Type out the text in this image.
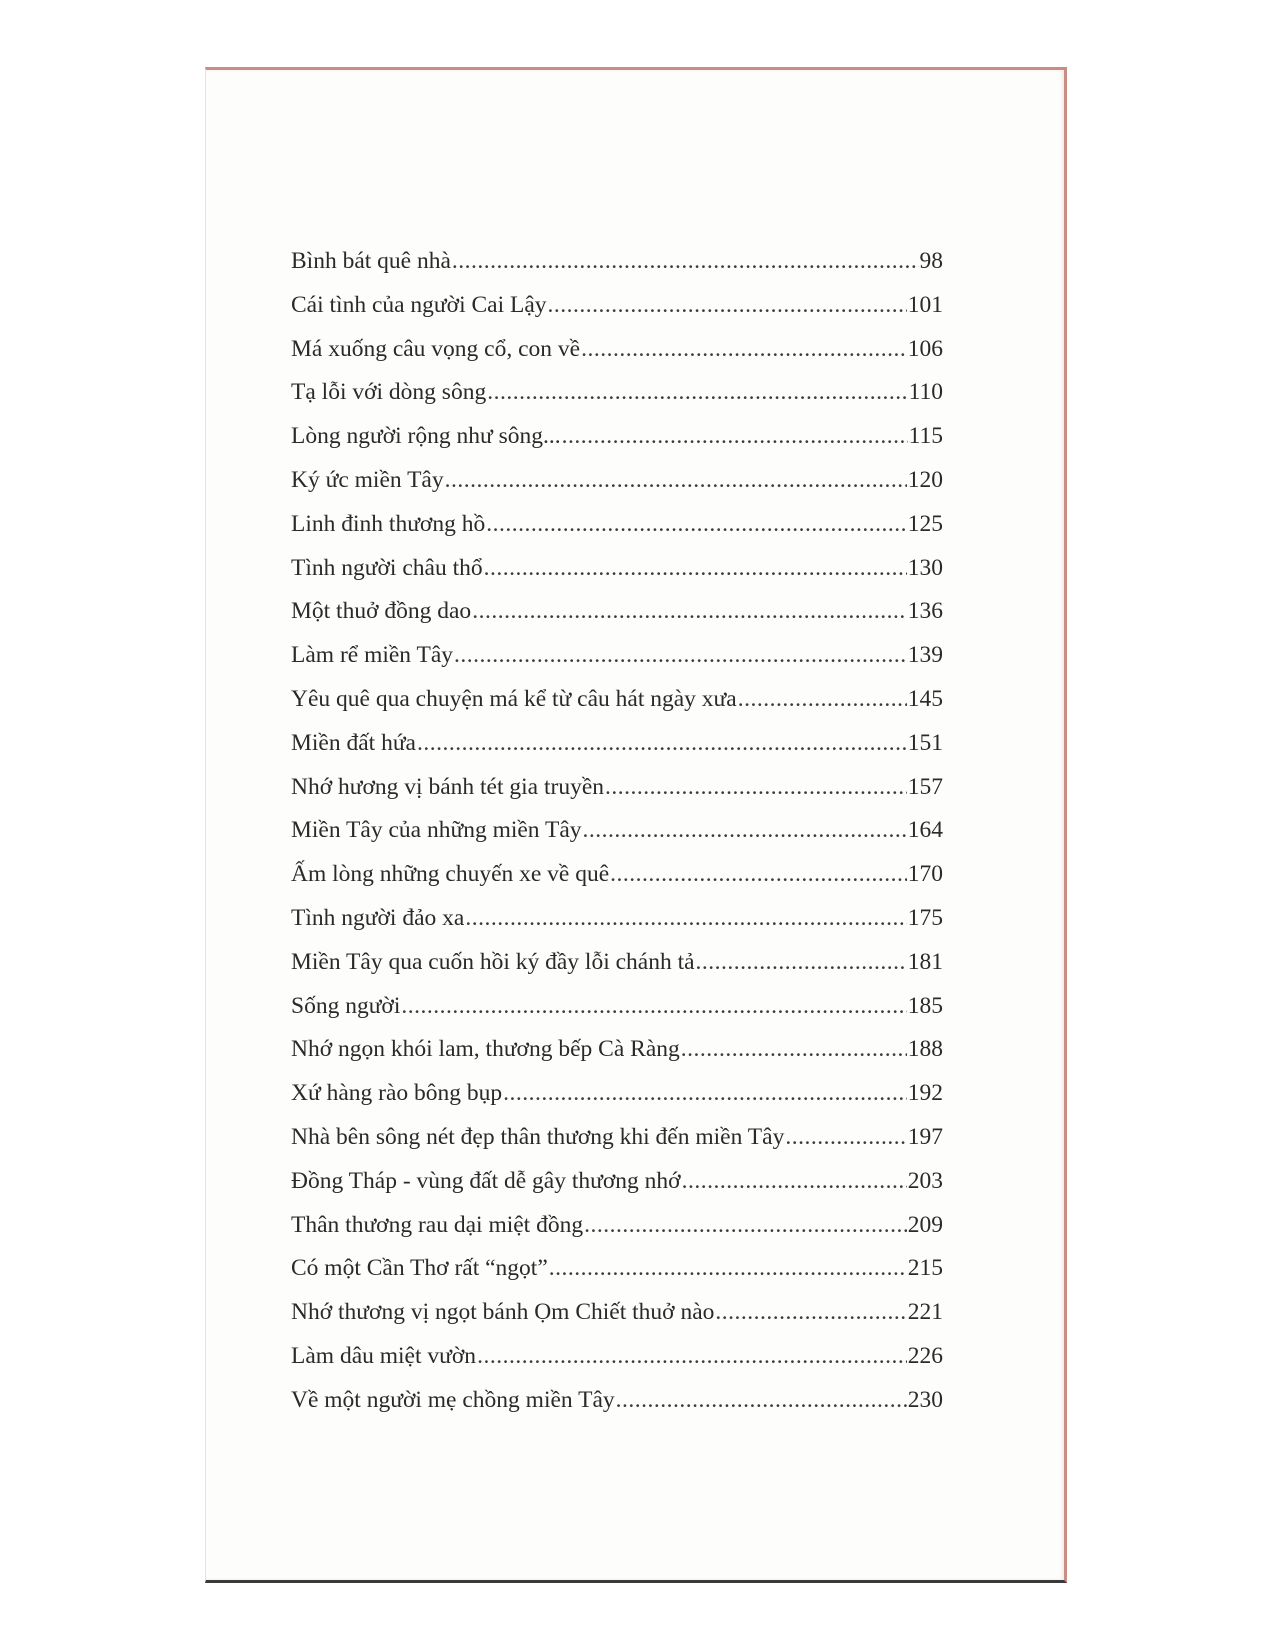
Bình bát quê nhà .....	98
Cái tình của người Cai Lậy .....	101
Má xuống câu vọng cổ, con về .....	106
Tạ lỗi với dòng sông .....	110
Lòng người rộng như sông... .....	115
Ký ức miền Tây .....	120
Linh đinh thương hồ .....	125
Tình người châu thổ .....	130
Một thuở đồng dao .....	136
Làm rể miền Tây .....	139
Yêu quê qua chuyện má kể từ câu hát ngày xưa .....	145
Miền đất hứa .....	151
Nhớ hương vị bánh tét gia truyền .....	157
Miền Tây của những miền Tây .....	164
Ấm lòng những chuyến xe về quê .....	170
Tình người đảo xa .....	175
Miền Tây qua cuốn hồi ký đầy lỗi chánh tả .....	181
Sống người .....	185
Nhớ ngọn khói lam, thương bếp Cà Ràng .....	188
Xứ hàng rào bông bụp .....	192
Nhà bên sông nét đẹp thân thương khi đến miền Tây .....	197
Đồng Tháp - vùng đất dễ gây thương nhớ .....	203
Thân thương rau dại miệt đồng .....	209
Có một Cần Thơ rất “ngọt” .....	215
Nhớ thương vị ngọt bánh Ọm Chiết thuở nào .....	221
Làm dâu miệt vườn .....	226
Về một người mẹ chồng miền Tây .....	230
